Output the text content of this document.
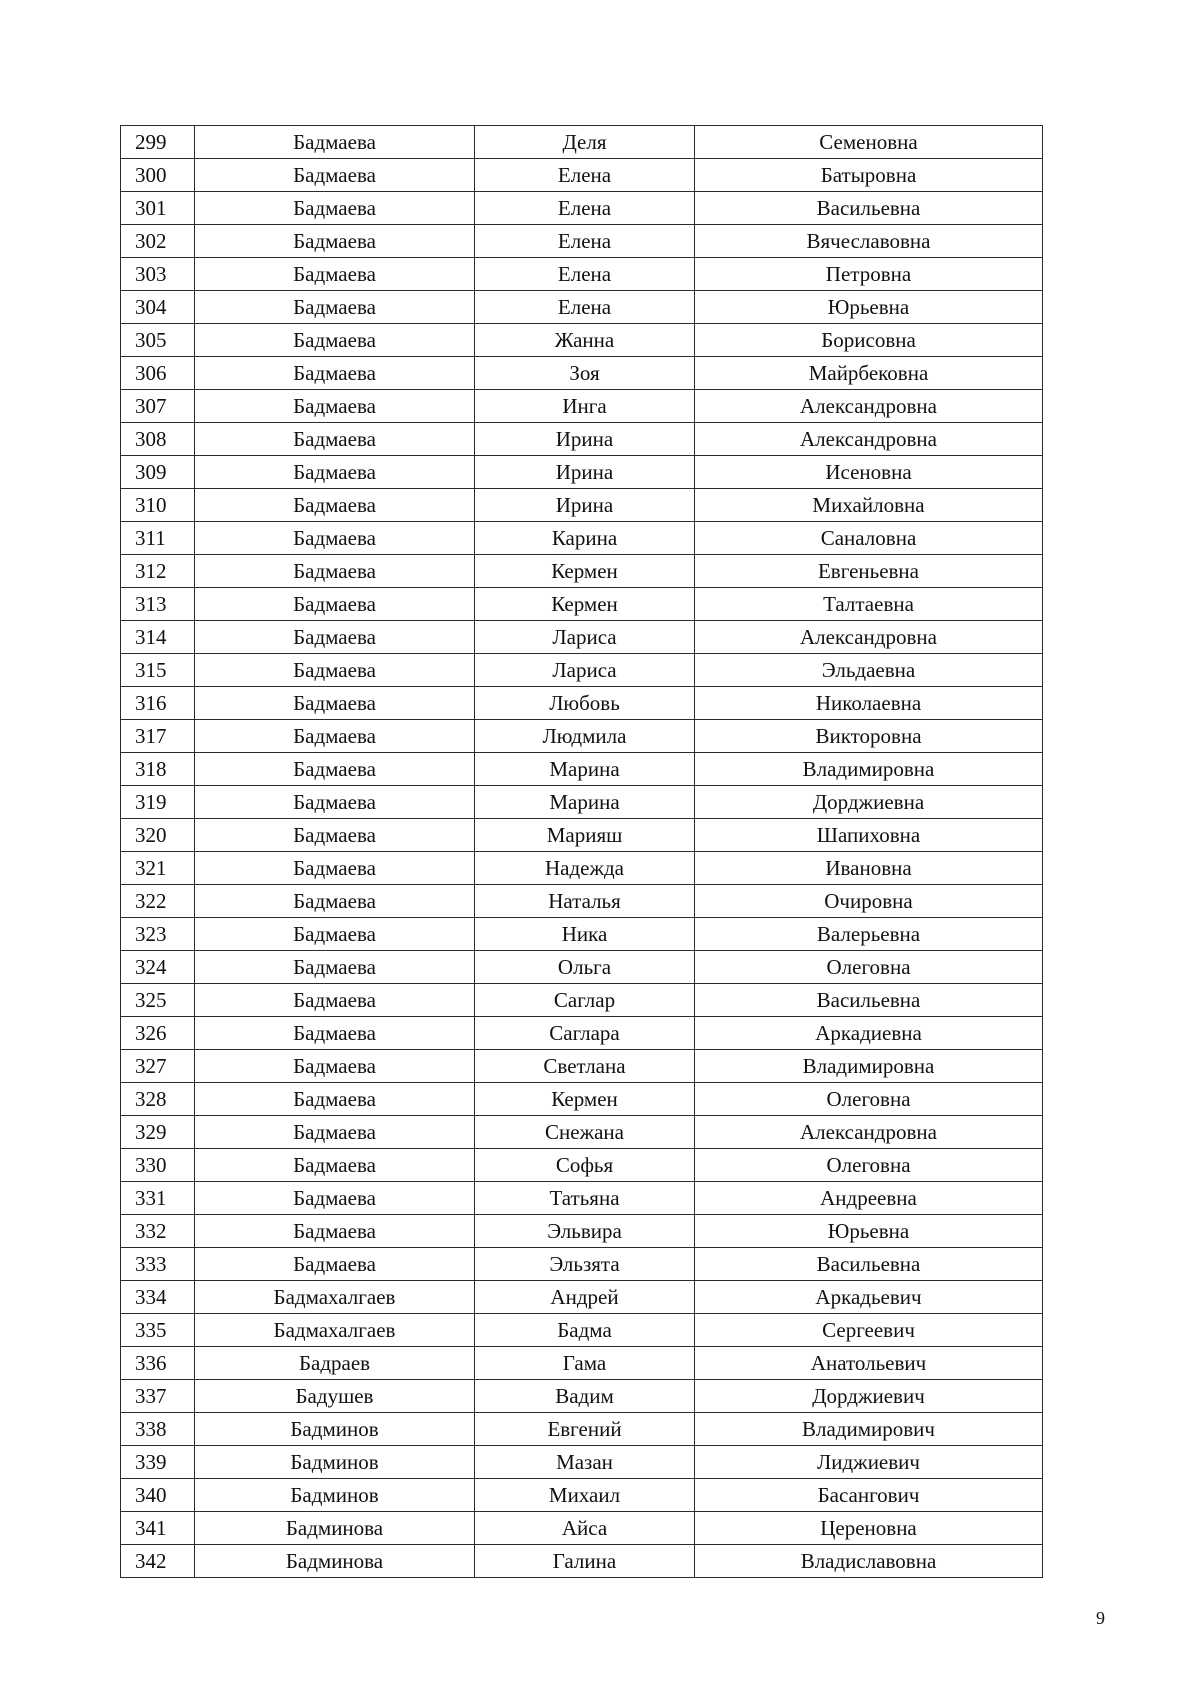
299	Бадмаева	Деля	Семеновна
300	Бадмаева	Елена	Батыровна
301	Бадмаева	Елена	Васильевна
302	Бадмаева	Елена	Вячеславовна
303	Бадмаева	Елена	Петровна
304	Бадмаева	Елена	Юрьевна
305	Бадмаева	Жанна	Борисовна
306	Бадмаева	Зоя	Майрбековна
307	Бадмаева	Инга	Александровна
308	Бадмаева	Ирина	Александровна
309	Бадмаева	Ирина	Исеновна
310	Бадмаева	Ирина	Михайловна
311	Бадмаева	Карина	Саналовна
312	Бадмаева	Кермен	Евгеньевна
313	Бадмаева	Кермен	Талтаевна
314	Бадмаева	Лариса	Александровна
315	Бадмаева	Лариса	Эльдаевна
316	Бадмаева	Любовь	Николаевна
317	Бадмаева	Людмила	Викторовна
318	Бадмаева	Марина	Владимировна
319	Бадмаева	Марина	Дорджиевна
320	Бадмаева	Марияш	Шапиховна
321	Бадмаева	Надежда	Ивановна
322	Бадмаева	Наталья	Очировна
323	Бадмаева	Ника	Валерьевна
324	Бадмаева	Ольга	Олеговна
325	Бадмаева	Саглар	Васильевна
326	Бадмаева	Саглара	Аркадиевна
327	Бадмаева	Светлана	Владимировна
328	Бадмаева	Кермен	Олеговна
329	Бадмаева	Снежана	Александровна
330	Бадмаева	Софья	Олеговна
331	Бадмаева	Татьяна	Андреевна
332	Бадмаева	Эльвира	Юрьевна
333	Бадмаева	Эльзята	Васильевна
334	Бадмахалгаев	Андрей	Аркадьевич
335	Бадмахалгаев	Бадма	Сергеевич
336	Бадраев	Гама	Анатольевич
337	Бадушев	Вадим	Дорджиевич
338	Бадминов	Евгений	Владимирович
339	Бадминов	Мазан	Лиджиевич
340	Бадминов	Михаил	Басангович
341	Бадминова	Айса	Цереновна
342	Бадминова	Галина	Владиславовна
9
